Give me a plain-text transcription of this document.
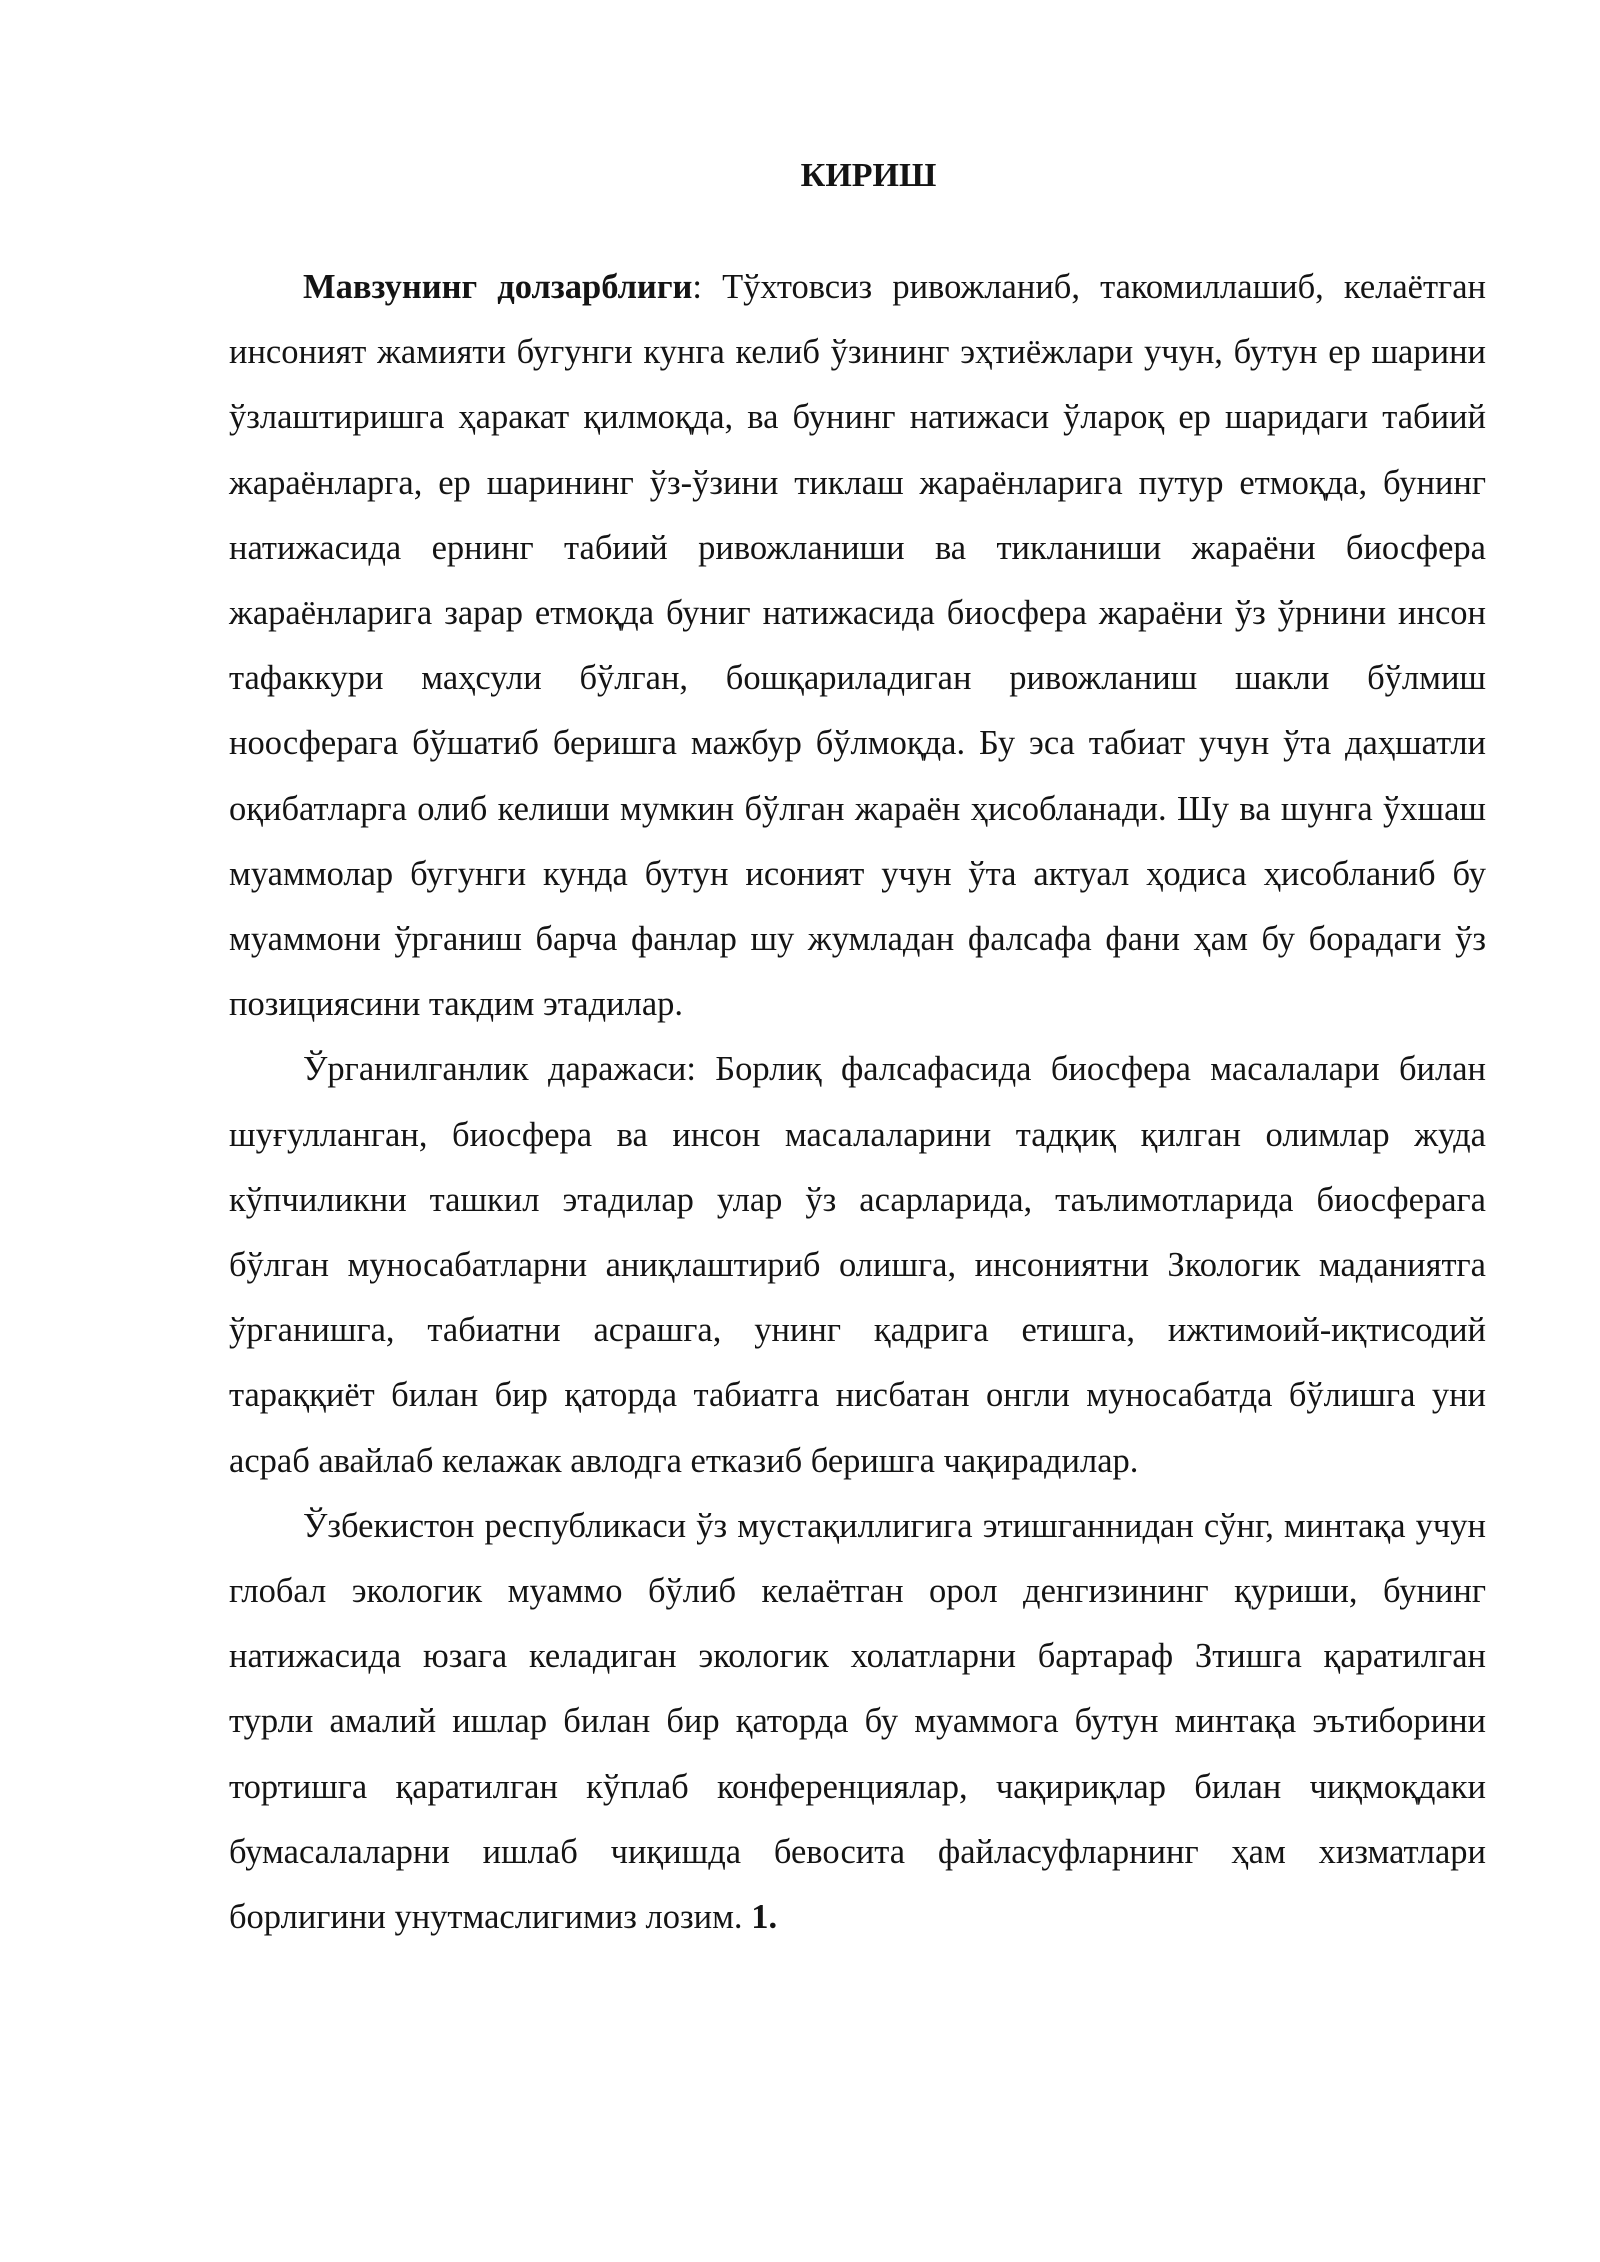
КИРИШ

Мавзунинг долзарблиги: Тўхтовсиз ривожланиб, такомиллашиб, келаётган инсоният жамияти бугунги кунга келиб ўзининг эҳтиёжлари учун, бутун ер шарини ўзлаштиришга ҳаракат қилмоқда, ва бунинг натижаси ўлароқ ер шаридаги табиий жараёнларга, ер шарининг ўз-ўзини тиклаш жараёнларига путур етмоқда, бунинг натижасида ернинг табиий ривожланиши ва тикланиши жараёни биосфера жараёнларига зарар етмоқда буниг натижасида биосфера жараёни ўз ўрнини инсон тафаккури маҳсули бўлган, бошқариладиган ривожланиш шакли бўлмиш ноосферага бўшатиб беришга мажбур бўлмоқда. Бу эса табиат учун ўта даҳшатли оқибатларга олиб келиши мумкин бўлган жараён ҳисобланади. Шу ва шунга ўхшаш муаммолар бугунги кунда бутун исоният учун ўта актуал ҳодиса ҳисобланиб бу муаммони ўрганиш барча фанлар шу жумладан фалсафа фани ҳам бу борадаги ўз позициясини такдим этадилар.

Ўрганилганлик даражаси: Борлиқ фалсафасида биосфера масалалари билан шуғулланган, биосфера ва инсон масалаларини тадқиқ қилган олимлар жуда кўпчиликни ташкил этадилар улар ўз асарларида, таълимотларида биосферага бўлган муносабатларни аниқлаштириб олишга, инсониятни Зкологик маданиятга ўрганишга, табиатни асрашга, унинг қадрига етишга, ижтимоий-иқтисодий тараққиёт билан бир қаторда табиатга нисбатан онгли муносабатда бўлишга уни асраб авайлаб келажак авлодга етказиб беришга чақирадилар.

Ўзбекистон республикаси ўз мустақиллигига этишганнидан сўнг, минтақа учун глобал экологик муаммо бўлиб келаётган орол денгизининг қуриши, бунинг натижасида юзага келадиган экологик холатларни бартараф Зтишга қаратилган турли амалий ишлар билан бир қаторда бу муаммога бутун минтақа эътиборини тортишга қаратилган кўплаб конференциялар, чақириқлар билан чиқмоқдаки бумасалаларни ишлаб чиқишда бевосита файласуфларнинг ҳам хизматлари борлигини унутмаслигимиз лозим. 1.
